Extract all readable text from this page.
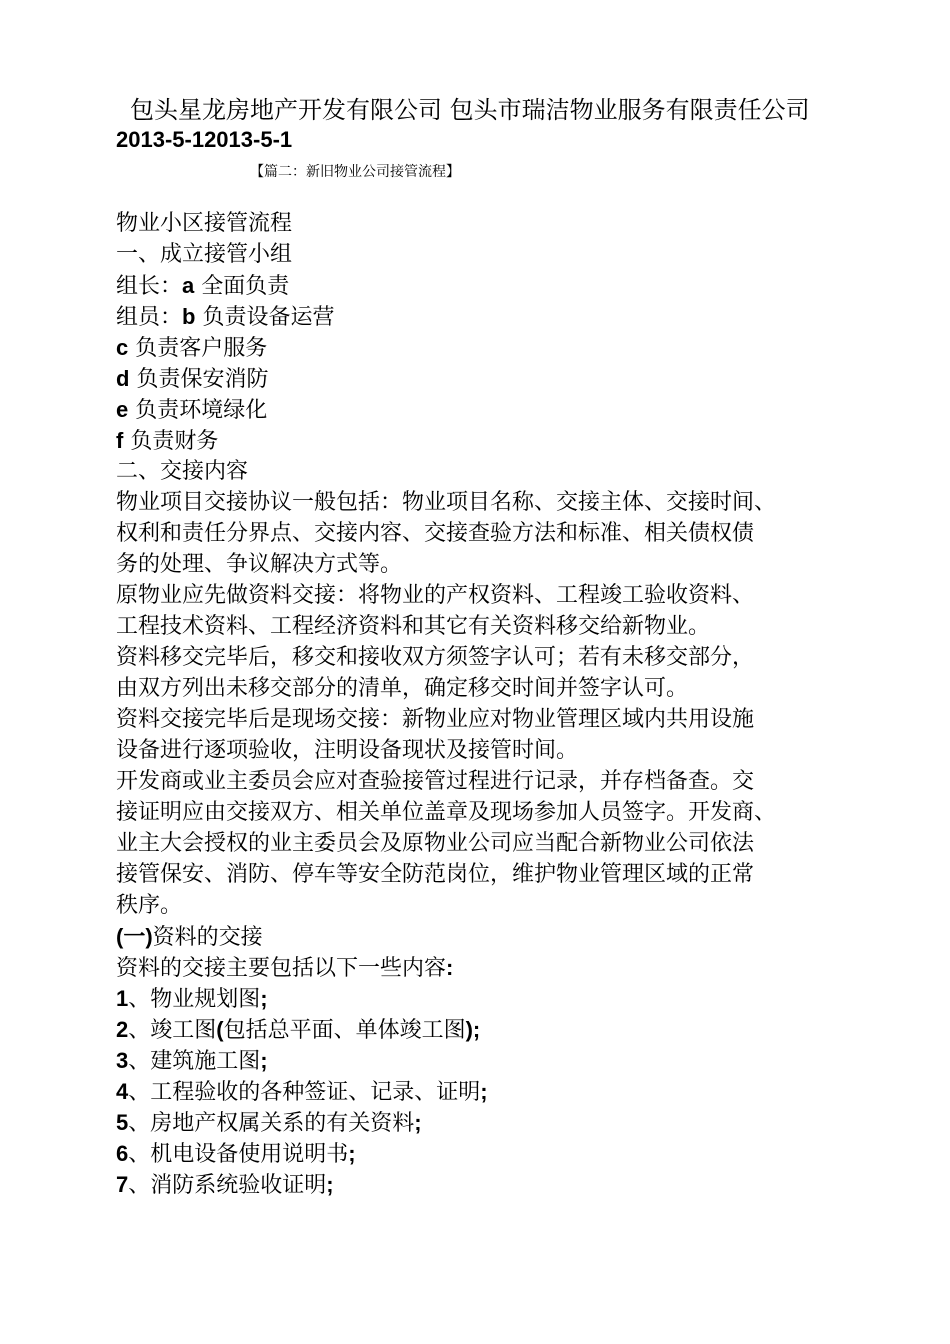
包头星龙房地产开发有限公司 包头市瑞洁物业服务有限责任公司
2013-5-12013-5-1
【篇二：新旧物业公司接管流程】
物业小区接管流程
一、成立接管小组
组长：a 全面负责
组员：b 负责设备运营
c 负责客户服务
d 负责保安消防
e 负责环境绿化
f 负责财务
二、交接内容
物业项目交接协议一般包括：物业项目名称、交接主体、交接时间、
权利和责任分界点、交接内容、交接查验方法和标准、相关债权债
务的处理、争议解决方式等。
原物业应先做资料交接：将物业的产权资料、工程竣工验收资料、
工程技术资料、工程经济资料和其它有关资料移交给新物业。
资料移交完毕后，移交和接收双方须签字认可；若有未移交部分，
由双方列出未移交部分的清单，确定移交时间并签字认可。
资料交接完毕后是现场交接：新物业应对物业管理区域内共用设施
设备进行逐项验收，注明设备现状及接管时间。
开发商或业主委员会应对查验接管过程进行记录，并存档备查。交
接证明应由交接双方、相关单位盖章及现场参加人员签字。开发商、
业主大会授权的业主委员会及原物业公司应当配合新物业公司依法
接管保安、消防、停车等安全防范岗位，维护物业管理区域的正常
秩序。
(一)资料的交接
资料的交接主要包括以下一些内容:
1、物业规划图;
2、竣工图(包括总平面、单体竣工图);
3、建筑施工图;
4、工程验收的各种签证、记录、证明;
5、房地产权属关系的有关资料;
6、机电设备使用说明书;
7、消防系统验收证明;
